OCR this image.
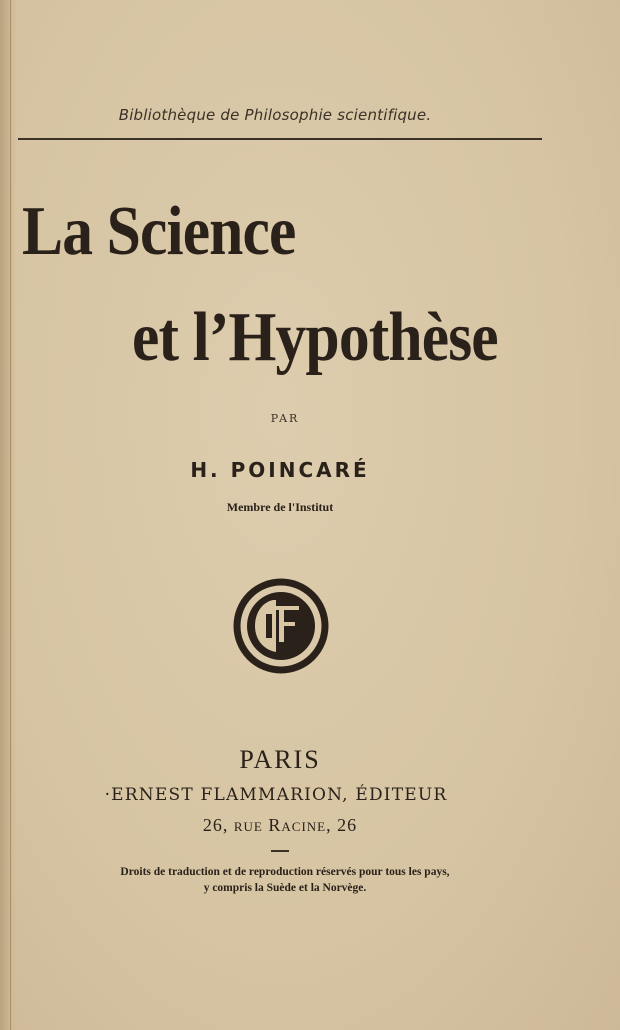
Bibliothèque de Philosophie scientifique.
La Science
et l’Hypothèse
PAR
H. POINCARÉ
Membre de l'Institut
PARIS
·ERNEST FLAMMARION, ÉDITEUR
26, rue Racine, 26
Droits de traduction et de reproduction réservés pour tous les pays,
y compris la Suède et la Norvège.
